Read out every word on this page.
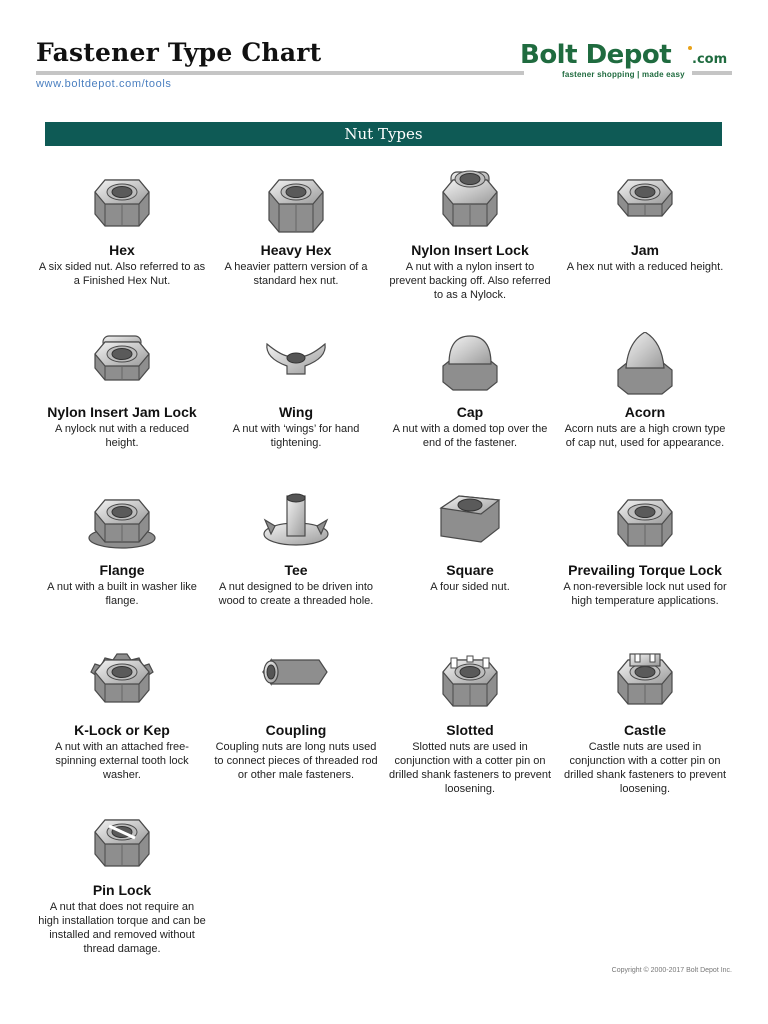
Fastener Type Chart
www.boltdepot.com/tools
Bolt Depot .com
fastener shopping | made easy
Nut Types
Hex
A six sided nut. Also referred to as a Finished Hex Nut.
Heavy Hex
A heavier pattern version of a standard hex nut.
Nylon Insert Lock
A nut with a nylon insert to prevent backing off. Also referred to as a Nylock.
Jam
A hex nut with a reduced height.
Nylon Insert Jam Lock
A nylock nut with a reduced height.
Wing
A nut with ‘wings’ for hand tightening.
Cap
A nut with a domed top over the end of the fastener.
Acorn
Acorn nuts are a high crown type of cap nut, used for appearance.
Flange
A nut with a built in washer like flange.
Tee
A nut designed to be driven into wood to create a threaded hole.
Square
A four sided nut.
Prevailing Torque Lock
A non-reversible lock nut used for high temperature applications.
K-Lock or Kep
A nut with an attached free-spinning external tooth lock washer.
Coupling
Coupling nuts are long nuts used to connect pieces of threaded rod or other male fasteners.
Slotted
Slotted nuts are used in conjunction with a cotter pin on drilled shank fasteners to prevent loosening.
Castle
Castle nuts are used in conjunction with a cotter pin on drilled shank fasteners to prevent loosening.
Pin Lock
A nut that does not require an high installation torque and can be installed and removed without thread damage.
Copyright © 2000-2017 Bolt Depot Inc.
